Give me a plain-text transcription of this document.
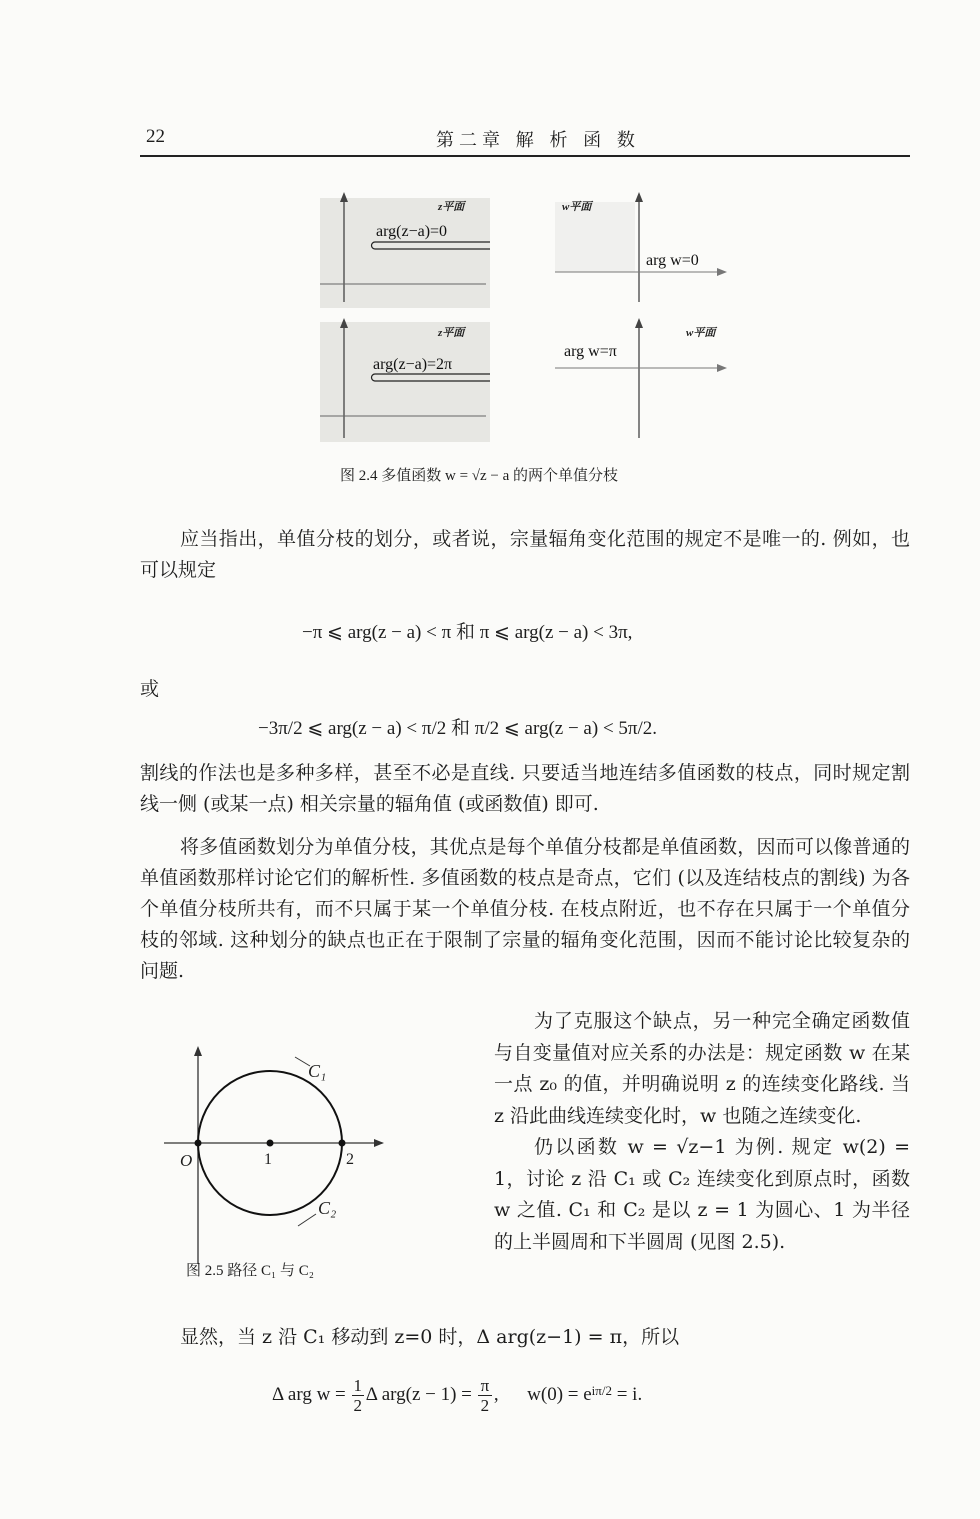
22	第二章 解 析 函 数
z平面
arg(z−a)=0
w平面
arg w=0
z平面
arg(z−a)=2π
w平面
arg w=π
图 2.4 多值函数 w = √z − a 的两个单值分枝

应当指出，单值分枝的划分，或者说，宗量辐角变化范围的规定不是唯一的. 例如，也可以规定

−π ⩽ arg(z − a) < π 和 π ⩽ arg(z − a) < 3π,
或
−3π/2 ⩽ arg(z − a) < π/2 和 π/2 ⩽ arg(z − a) < 5π/2.

割线的作法也是多种多样，甚至不必是直线. 只要适当地连结多值函数的枝点，同时规定割线一侧 (或某一点) 相关宗量的辐角值 (或函数值) 即可.

将多值函数划分为单值分枝，其优点是每个单值分枝都是单值函数，因而可以像普通的单值函数那样讨论它们的解析性. 多值函数的枝点是奇点，它们 (以及连结枝点的割线) 为各个单值分枝所共有，而不只属于某一个单值分枝. 在枝点附近，也不存在只属于一个单值分枝的邻域. 这种划分的缺点也正在于限制了宗量的辐角变化范围，因而不能讨论比较复杂的问题.

为了克服这个缺点，另一种完全确定函数值与自变量值对应关系的办法是：规定函数 w 在某一点 z₀ 的值，并明确说明 z 的连续变化路线. 当 z 沿此曲线连续变化时，w 也随之连续变化.

仍以函数 w = √z−1 为例. 规定 w(2) = 1，讨论 z 沿 C₁ 或 C₂ 连续变化到原点时，函数 w 之值. C₁ 和 C₂ 是以 z = 1 为圆心、1 为半径的上半圆周和下半圆周 (见图 2.5).

C₁
C₂
O	1	2
图 2.5 路径 C₁ 与 C₂

显然，当 z 沿 C₁ 移动到 z=0 时，Δ arg(z−1) = π，所以

Δ arg w = 1
2 Δ arg(z − 1) = π
2 ,      $w(0) = e^{i\pi/2} = i$.
